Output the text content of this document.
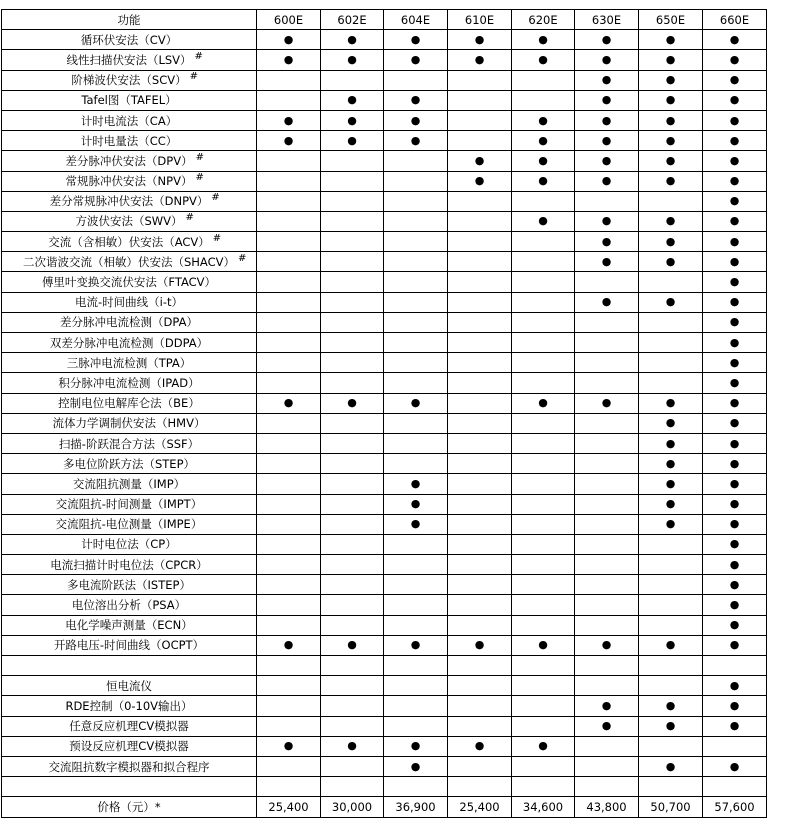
功能	600E	602E	604E	610E	620E	630E	650E	660E
循环伏安法（CV）	●	●	●	●	●	●	●	●
线性扫描伏安法（LSV） #	●	●	●	●	●	●	●	●
阶梯波伏安法（SCV） #						●	●	●
Tafel图（TAFEL）		●	●			●	●	●
计时电流法（CA）	●	●	●		●	●	●	●
计时电量法（CC）	●	●	●		●	●	●	●
差分脉冲伏安法（DPV） #				●	●	●	●	●
常规脉冲伏安法（NPV） #				●	●	●	●	●
差分常规脉冲伏安法（DNPV） #								●
方波伏安法（SWV） #					●	●	●	●
交流（含相敏）伏安法（ACV） #						●	●	●
二次谐波交流（相敏）伏安法（SHACV） #						●	●	●
傅里叶变换交流伏安法（FTACV）								●
电流-时间曲线（i-t）						●	●	●
差分脉冲电流检测（DPA）								●
双差分脉冲电流检测（DDPA）								●
三脉冲电流检测（TPA）								●
积分脉冲电流检测（IPAD）								●
控制电位电解库仑法（BE）	●	●	●		●	●	●	●
流体力学调制伏安法（HMV）							●	●
扫描-阶跃混合方法（SSF）							●	●
多电位阶跃方法（STEP）							●	●
交流阻抗测量（IMP）			●				●	●
交流阻抗-时间测量（IMPT）			●				●	●
交流阻抗-电位测量（IMPE）			●				●	●
计时电位法（CP）								●
电流扫描计时电位法（CPCR）								●
多电流阶跃法（ISTEP）								●
电位溶出分析（PSA）								●
电化学噪声测量（ECN）								●
开路电压-时间曲线（OCPT）	●	●	●	●	●	●	●	●

恒电流仪								●
RDE控制（0-10V输出）						●	●	●
任意反应机理CV模拟器						●	●	●
预设反应机理CV模拟器	●	●	●	●	●			
交流阻抗数字模拟器和拟合程序			●				●	●

价格（元）*	25,400	30,000	36,900	25,400	34,600	43,800	50,700	57,600
